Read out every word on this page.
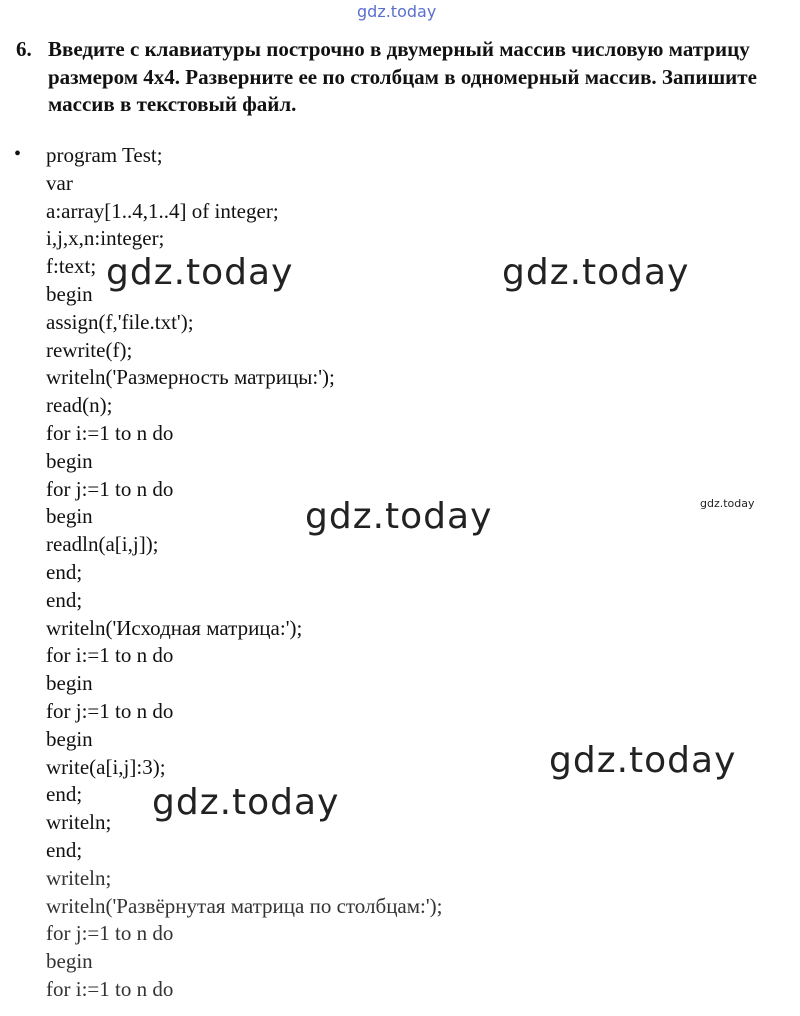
gdz.today
6. Введите с клавиатуры построчно в двумерный массив числовую матрицу размером 4х4. Разверните ее по столбцам в одномерный массив. Запишите массив в текстовый файл.
• program Test;
var
a:array[1..4,1..4] of integer;
i,j,x,n:integer;
f:text;
begin
assign(f,'file.txt');
rewrite(f);
writeln('Размерность матрицы:');
read(n);
for i:=1 to n do
begin
for j:=1 to n do
begin
readln(a[i,j]);
end;
end;
writeln('Исходная матрица:');
for i:=1 to n do
begin
for j:=1 to n do
begin
write(a[i,j]:3);
end;
writeln;
end;
writeln;
writeln('Развёрнутая матрица по столбцам:');
for j:=1 to n do
begin
for i:=1 to n do
gdz.today	gdz.today
gdz.today	gdz.today
gdz.today
gdz.today
